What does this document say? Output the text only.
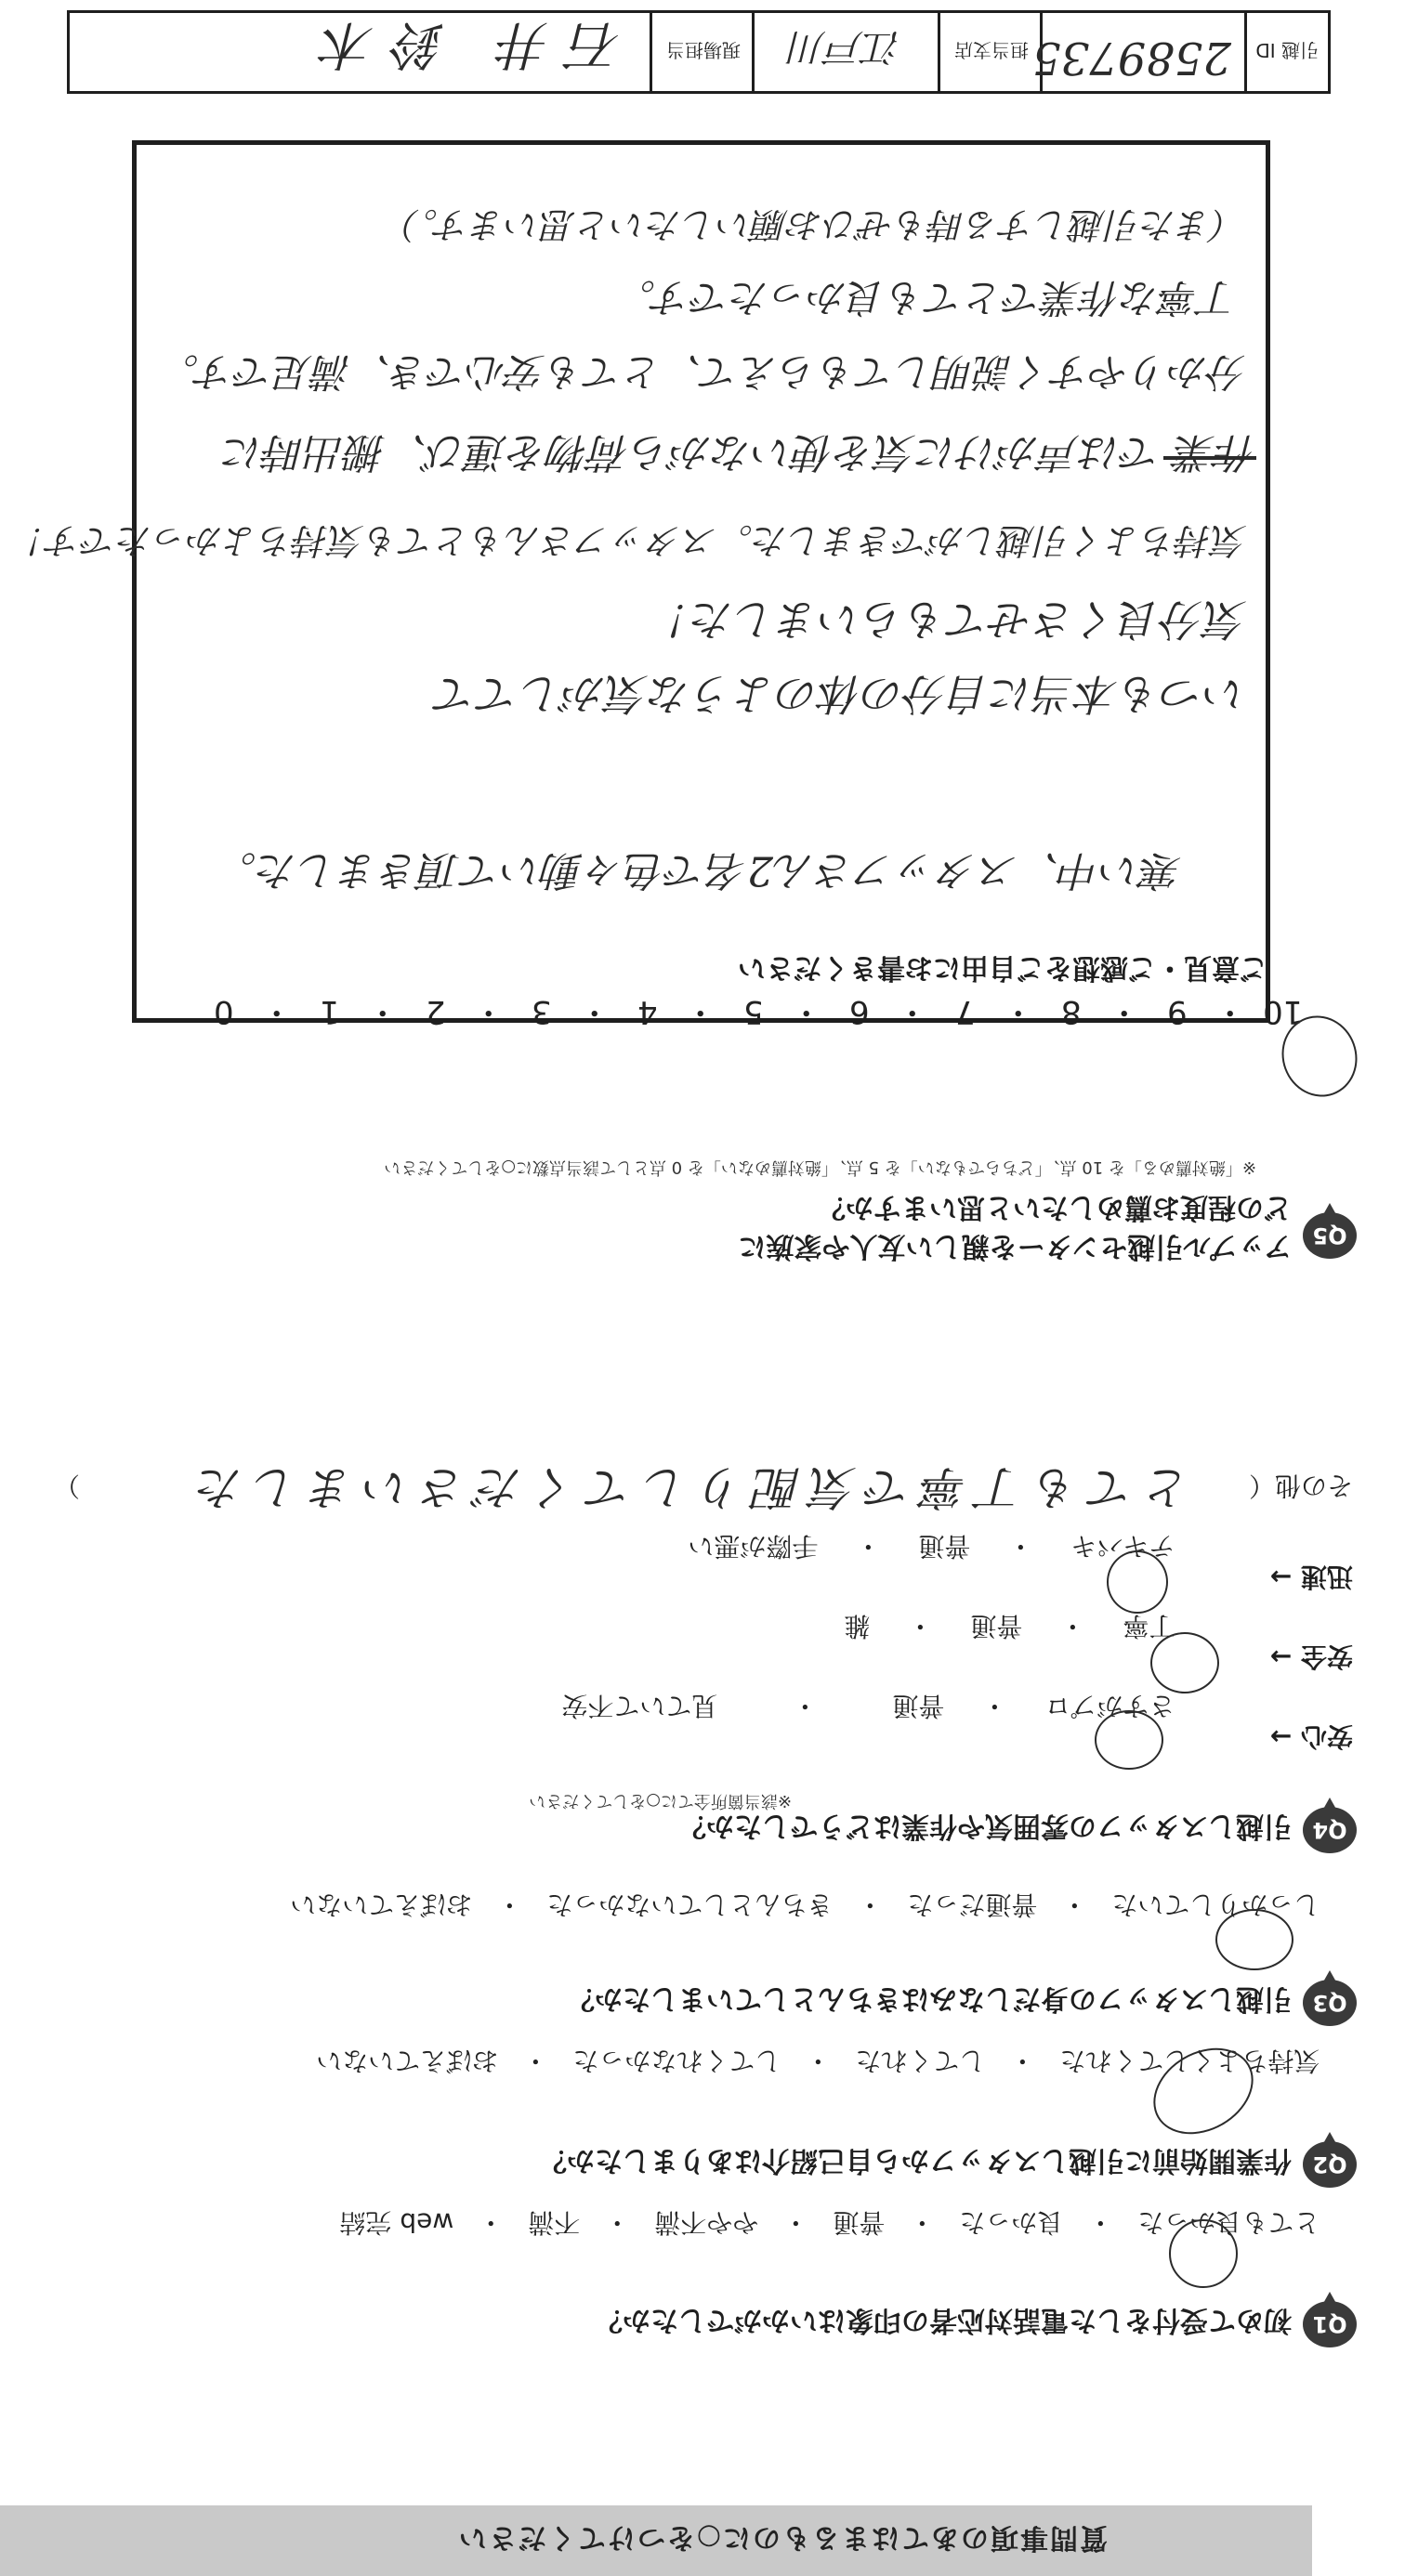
質問事項のあてはまるものに○をつけてください
Q1
初めて受付をした電話対応者の印象はいかがでしたか？

とても良かった・良かった・普通・やや不満・不満・web 完結

Q2
作業開始前に引越しスタッフから自己紹介はありましたか？

気持ちよくしてくれた・してくれた・してくれなかった・おぼえていない

Q3
引越しスタッフの身だしなみはきちんとしていましたか？

しっかりしていた・普通だった・きちんとしていなかった・おぼえていない

Q4
引越しスタッフの雰囲気や作業はどうでしたか？
※該当箇所全てに○をしてください
安心 →

さすがプロ・普通・見ていて不安

安全 →

丁寧・普通・雑

迅速 →

テキパキ・普通・手際が悪い

その他（
） とても丁寧で気配りしてくださいました
Q5
アップル引越センターを親しい友人や家族に
どの程度お薦めしたいと思いますか？
※「絶対薦める」を 10 点、「どちらでもない」を 5 点、「絶対薦めない」を 0 点として該当点数に○をしてください

10・9・8・7・6・5・4・3・2・1・0

ご意見・ご感想をご自由にお書きください
寒い中、スタッフさん2名で色々動いて頂きました。
いつも本当に自分の体のような気がしてて
気分良くさせてもらいました！
気持ちよく引越しができました。スタッフさんもとても気持ちよかったです！
作業 では声がけに気を使いながら荷物を運び、搬出時に
分かりやすく説明してもらえて、とても安心でき、満足です。
丁寧な作業でとても良かったです。
（また引越しする時もぜひお願いしたいと思います。）
引越 ID
2589735
担当支店
江戸川
現場担当
石井 鈴木
